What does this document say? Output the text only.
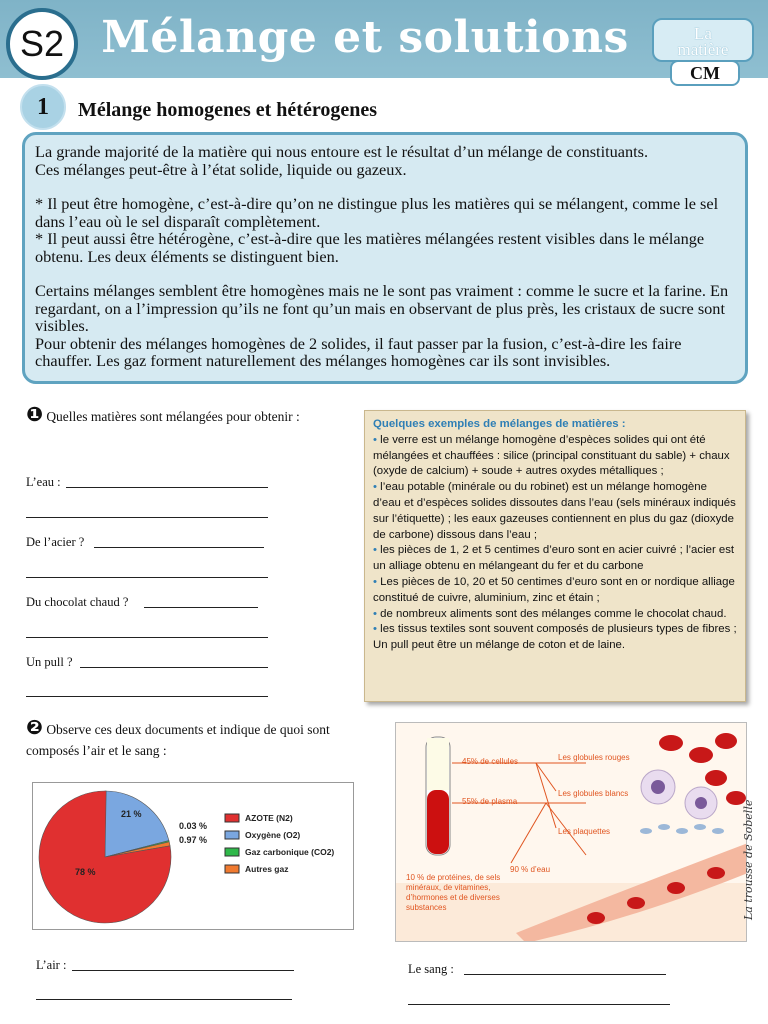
S2 Mélange et solutions	La
matière
CM
1	Mélange homogenes et hétérogenes

La grande majorité de la matière qui nous entoure est le résultat d’un mélange de constituants.

Ces mélanges peut-être à l’état solide, liquide ou gazeux.

* Il peut être homogène, c’est-à-dire qu’on ne distingue plus les matières qui se mélangent, comme le sel dans l’eau où le sel disparaît complètement.

* Il peut aussi être hétérogène, c’est-à-dire que les matières mélangées restent visibles dans le mélange obtenu. Les deux éléments se distinguent bien.

Certains mélanges semblent être homogènes mais ne le sont pas vraiment : comme le sucre et la farine. En regardant, on a l’impression qu’ils ne font qu’un mais en observant de plus près, les cristaux de sucre sont visibles.

Pour obtenir des mélanges homogènes de 2 solides, il faut passer par la fusion, c’est-à-dire les faire chauffer. Les gaz forment naturellement des mélanges homogènes car ils sont invisibles.

❶ Quelles matières sont mélangées pour obtenir :
L’eau :
De l’acier ?
Du chocolat chaud ?
Un pull ?
Quelques exemples de mélanges de matières :
• le verre est un mélange homogène d’espèces solides qui ont été mélangées et chauffées : silice (principal constituant du sable) + chaux (oxyde de calcium) + soude + autres oxydes métalliques ;
• l’eau potable (minérale ou du robinet) est un mélange homogène d’eau et d’espèces solides dissoutes dans l’eau (sels minéraux indiqués sur l’étiquette) ; les eaux gazeuses contiennent en plus du gaz (dioxyde de carbone) dissous dans l’eau ;
• les pièces de 1, 2 et 5 centimes d’euro sont en acier cuivré ; l’acier est un alliage obtenu en mélangeant du fer et du carbone
• Les pièces de 10, 20 et 50 centimes d’euro sont en or nordique alliage constitué de cuivre, aluminium, zinc et étain ;
• de nombreux aliments sont des mélanges comme le chocolat chaud.
• les tissus textiles sont souvent composés de plusieurs types de fibres ; Un pull peut être un mélange de coton et de laine.
❷ Observe ces deux documents et indique de quoi sont composés l’air et le sang :
21 %
78 %
0.03 %
0.97 %
AZOTE (N2)
Oxygène (O2)
Gaz carbonique (CO2)
Autres gaz
45% de cellules
55% de plasma
Les globules rouges
Les globules blancs
Les plaquettes
90 % d’eau
10 % de protéines, de sels minéraux, de vitamines, d’hormones et de diverses substances
L’air :	Le sang :
La trousse de Sobelle
